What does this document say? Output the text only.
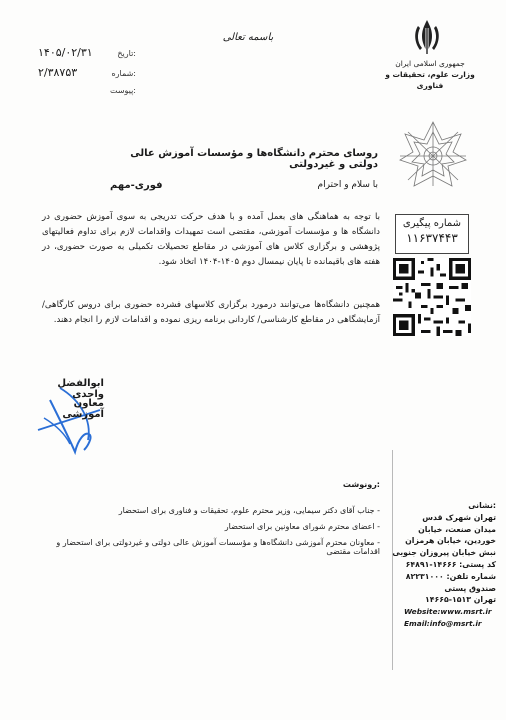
باسمه تعالی
جمهوری اسلامی ایران
وزارت علوم، تحقیقات و فناوری
:تاریخ
۱۴۰۵/۰۲/۳۱
:شماره
۲/۳۸۷۵۳
:پیوست
روسای محترم دانشگاه‌ها و مؤسسات آموزش عالی دولتی و غیردولتی
با سلام و احترام
فوری-مهم
با توجه به هماهنگی های بعمل آمده و با هدف حرکت تدریجی به سوی آموزش حضوری در دانشگاه ها و مؤسسات آموزشی، مقتضی است تمهیدات واقدامات لازم برای تداوم فعالیتهای پژوهشی و برگزاری کلاس های آموزشی در مقاطع تحصیلات تکمیلی به صورت حضوری، در هفته های باقیمانده تا پایان نیمسال دوم ۱۴۰۵-۱۴۰۴ اتخاذ شود.
همچنین دانشگاه‌ها می‌توانند درمورد برگزاری کلاسهای فشرده حضوری برای دروس کارگاهی/ آزمایشگاهی در مقاطع کارشناسی/ کاردانی برنامه ریزی نموده و اقدامات لازم را انجام دهند.
شماره پیگیری
۱۱۶۳۷۴۴۳
ابوالفضل واحدی
معاون آموزشی
:رونوشت
- جناب آقای دکتر سیمایی، وزیر محترم علوم، تحقیقات و فناوری برای استحضار
- اعضای محترم شورای معاونین برای استحضار
- معاونان محترم آموزشی دانشگاه‌ها و مؤسسات آموزش عالی دولتی و غیردولتی برای استحضار و اقدامات مقتضی
:نشانی
تهران شهرک قدس
میدان صنعت، خیابان
خوردین، خیابان هرمزان
نبش خیابان پیروزان جنوبی
کد پستی: ۱۴۶۶۶-۶۴۸۹۱
شماره تلفن: ۸۲۲۳۱۰۰۰
صندوق پستی
تهران ۱۵۱۳-۱۴۶۶۵
Website:www.msrt.ir
Email:info@msrt.ir
